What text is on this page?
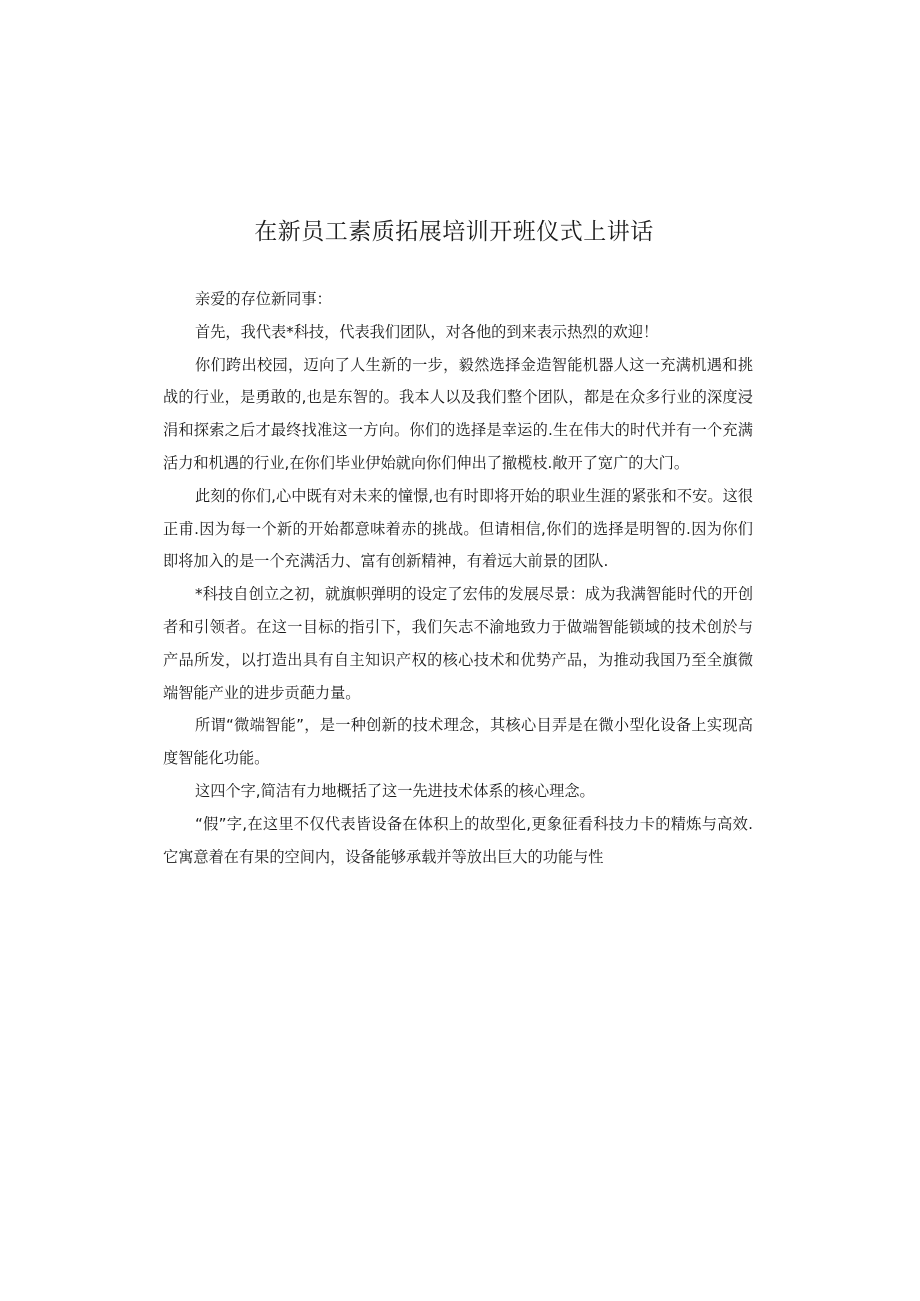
在新员工素质拓展培训开班仪式上讲话

亲爱的存位新同事：

首先，我代表*科技，代表我们团队，对各他的到来表示热烈的欢迎！

你们跨出校园，迈向了人生新的一步，毅然选择金造智能机器人这一充满机遇和挑战的行业，是勇敢的,也是东智的。我本人以及我们整个团队，都是在众多行业的深度浸涓和探索之后才最终找准这一方向。你们的选择是幸运的.生在伟大的时代并有一个充满活力和机遇的行业,在你们毕业伊始就向你们伸出了撤榄枝.敞开了宽广的大门。

此刻的你们,心中既有对未来的憧憬,也有时即将开始的职业生涯的紧张和不安。这很正甫.因为每一个新的开始都意味着赤的挑战。但请相信,你们的选择是明智的.因为你们即将加入的是一个充满活力、富有创新精神，有着远大前景的团队.

*科技自创立之初，就旗帜弹明的设定了宏伟的发展尽景：成为我满智能时代的开创者和引领者。在这一目标的指引下，我们矢志不渝地致力于做端智能锁域的技术创於与产品所发，以打造出具有自主知识产权的核心技术和优势产品，为推动我国乃至全旗微端智能产业的进步贡葩力量。

所谓“微端智能”，是一种创新的技术理念，其核心目弄是在微小型化设备上实现高度智能化功能。

这四个字,简洁有力地概括了这一先进技术体系的核心理念。

“假”字,在这里不仅代表皆设备在体积上的故型化,更象征看科技力卡的精炼与高效.它寓意着在有果的空间内，设备能够承载并等放出巨大的功能与性
